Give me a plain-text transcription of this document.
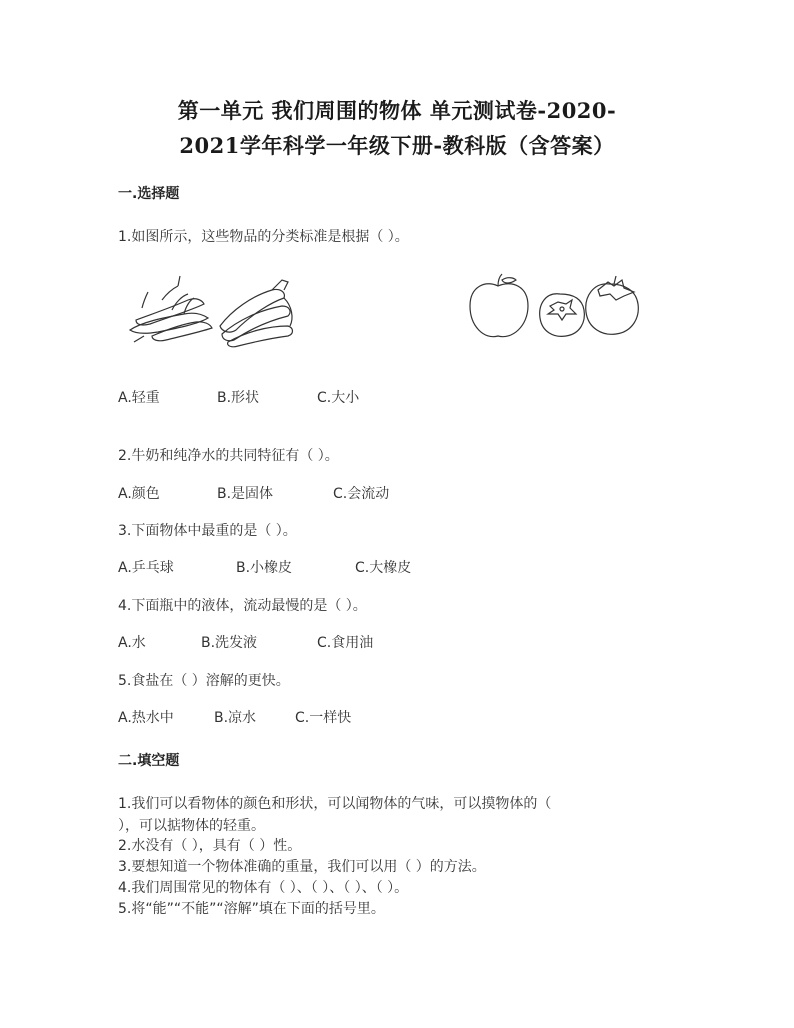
第一单元 我们周围的物体 单元测试卷-2020-
2021学年科学一年级下册-教科版（含答案）
一.选择题
1.如图所示，这些物品的分类标准是根据（ ）。
A.轻重	B.形状	C.大小
2.牛奶和纯净水的共同特征有（ ）。
A.颜色	B.是固体	C.会流动
3.下面物体中最重的是（ ）。
A.乒乓球	B.小橡皮	C.大橡皮
4.下面瓶中的液体，流动最慢的是（ ）。
A.水	B.洗发液	C.食用油
5.食盐在（ ）溶解的更快。
A.热水中	B.凉水	C.一样快
二.填空题
1.我们可以看物体的颜色和形状，可以闻物体的气味，可以摸物体的（
），可以掂物体的轻重。
2.水没有（ ），具有（ ）性。
3.要想知道一个物体准确的重量，我们可以用（ ）的方法。
4.我们周围常见的物体有（ ）、（ ）、（ ）、（ ）。
5.将“能”“不能”“溶解”填在下面的括号里。
